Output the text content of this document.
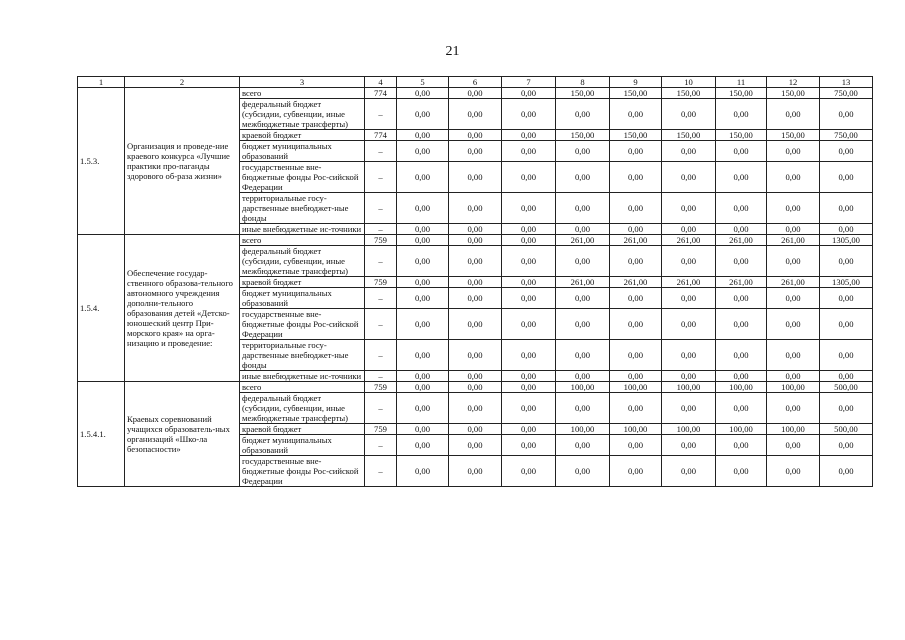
21
1	2	3	4	5	6	7	8	9	10	11	12	13
1.5.3.	Организация и проведе-ние краевого конкурса «Лучшие практики про-паганды здорового об-раза жизни»	всего	774	0,00	0,00	0,00	150,00	150,00	150,00	150,00	150,00	750,00
		федеральный бюджет (субсидии, субвенции, иные межбюджетные трансферты)	–	0,00	0,00	0,00	0,00	0,00	0,00	0,00	0,00	0,00
		краевой бюджет	774	0,00	0,00	0,00	150,00	150,00	150,00	150,00	150,00	750,00
		бюджет муниципальных образований	–	0,00	0,00	0,00	0,00	0,00	0,00	0,00	0,00	0,00
		государственные вне-бюджетные фонды Рос-сийской Федерации	–	0,00	0,00	0,00	0,00	0,00	0,00	0,00	0,00	0,00
		территориальные госу-дарственные внебюджет-ные фонды	–	0,00	0,00	0,00	0,00	0,00	0,00	0,00	0,00	0,00
		иные внебюджетные ис-точники	–	0,00	0,00	0,00	0,00	0,00	0,00	0,00	0,00	0,00
1.5.4.	Обеспечение государ-ственного образова-тельного автономного учреждения дополни-тельного образования детей «Детско-юношеский центр При-морского края» на орга-низацию и проведение:	всего	759	0,00	0,00	0,00	261,00	261,00	261,00	261,00	261,00	1305,00
		федеральный бюджет (субсидии, субвенции, иные межбюджетные трансферты)	–	0,00	0,00	0,00	0,00	0,00	0,00	0,00	0,00	0,00
		краевой бюджет	759	0,00	0,00	0,00	261,00	261,00	261,00	261,00	261,00	1305,00
		бюджет муниципальных образований	–	0,00	0,00	0,00	0,00	0,00	0,00	0,00	0,00	0,00
		государственные вне-бюджетные фонды Рос-сийской Федерации	–	0,00	0,00	0,00	0,00	0,00	0,00	0,00	0,00	0,00
		территориальные госу-дарственные внебюджет-ные фонды	–	0,00	0,00	0,00	0,00	0,00	0,00	0,00	0,00	0,00
		иные внебюджетные ис-точники	–	0,00	0,00	0,00	0,00	0,00	0,00	0,00	0,00	0,00
1.5.4.1.	Краевых соревнований учащихся образователь-ных организаций «Шко-ла безопасности»	всего	759	0,00	0,00	0,00	100,00	100,00	100,00	100,00	100,00	500,00
		федеральный бюджет (субсидии, субвенции, иные межбюджетные трансферты)	–	0,00	0,00	0,00	0,00	0,00	0,00	0,00	0,00	0,00
		краевой бюджет	759	0,00	0,00	0,00	100,00	100,00	100,00	100,00	100,00	500,00
		бюджет муниципальных образований	–	0,00	0,00	0,00	0,00	0,00	0,00	0,00	0,00	0,00
		государственные вне-бюджетные фонды Рос-сийской Федерации	–	0,00	0,00	0,00	0,00	0,00	0,00	0,00	0,00	0,00
